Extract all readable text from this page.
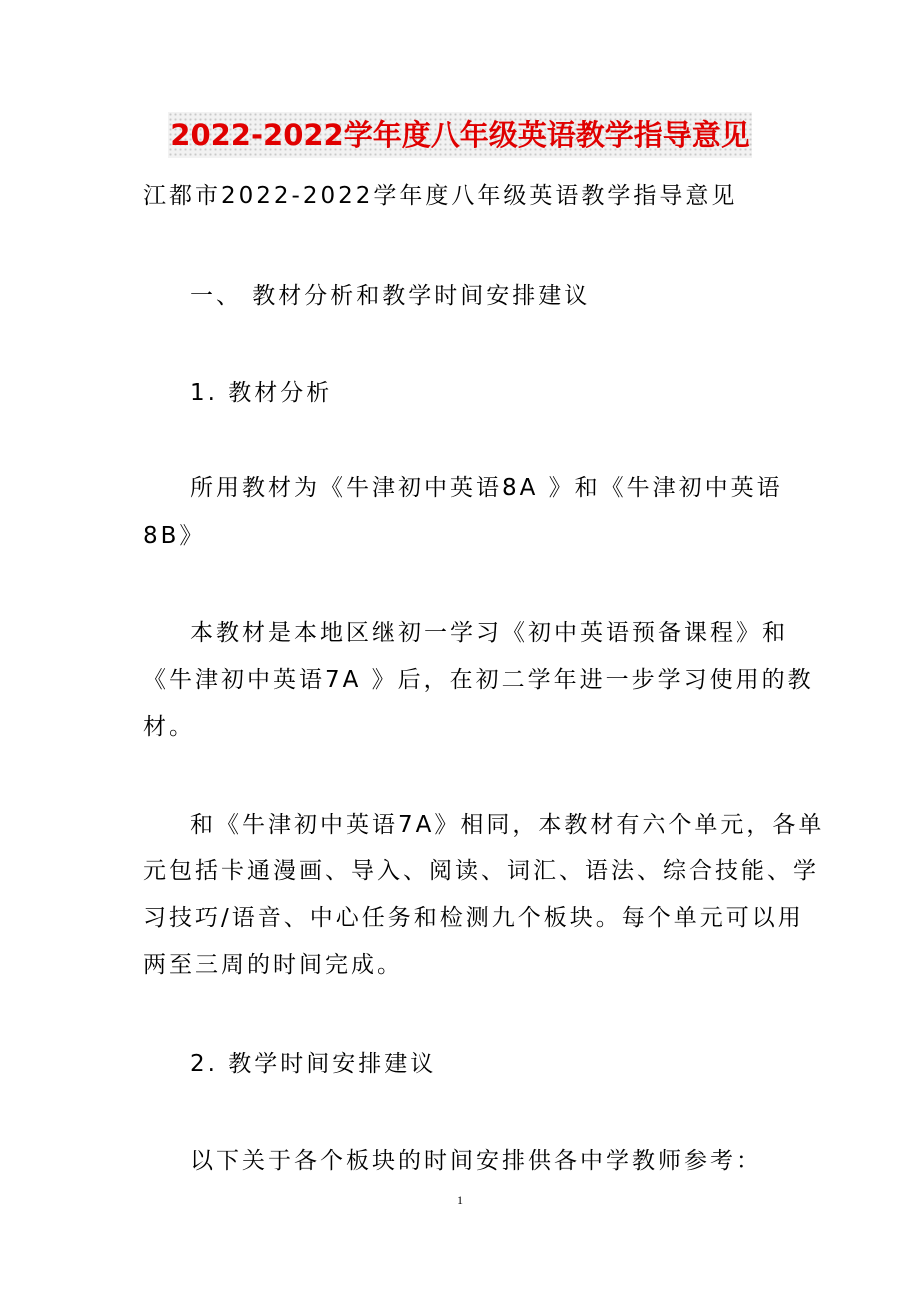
2022-2022学年度八年级英语教学指导意见
江都市2022-2022学年度八年级英语教学指导意见
一、 教材分析和教学时间安排建议
1. 教材分析
所用教材为《牛津初中英语8A 》和《牛津初中英语
8B》
本教材是本地区继初一学习《初中英语预备课程》和
《牛津初中英语7A 》后，在初二学年进一步学习使用的教
材。
和《牛津初中英语7A》相同，本教材有六个单元，各单
元包括卡通漫画、导入、阅读、词汇、语法、综合技能、学
习技巧/语音、中心任务和检测九个板块。每个单元可以用
两至三周的时间完成。
2. 教学时间安排建议
以下关于各个板块的时间安排供各中学教师参考：
1
